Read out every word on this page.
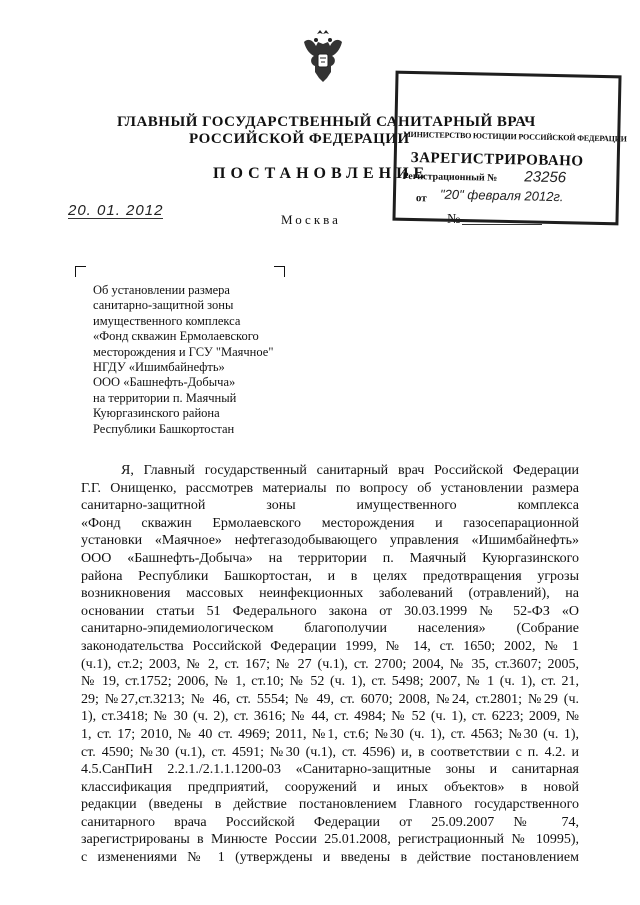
ГЛАВНЫЙ ГОСУДАРСТВЕННЫЙ САНИТАРНЫЙ ВРАЧ
РОССИЙСКОЙ ФЕДЕРАЦИИ
ПОСТАНОВЛЕНИЕ
20. 01. 2012
Москва	№
МИНИСТЕРСТВО ЮСТИЦИИ РОССИЙСКОЙ ФЕДЕРАЦИИ
ЗАРЕГИСТРИРОВАНО
Регистрационный № 23256
от "20" февраля 2012г.
Об установлении размера
санитарно-защитной зоны
имущественного комплекса
«Фонд скважин Ермолаевского
месторождения и ГСУ "Маячное"
НГДУ «Ишимбайнефть»
ООО «Башнефть-Добыча»
на территории п. Маячный
Куюргазинского района
Республики Башкортостан
Я, Главный государственный санитарный врач Российской Федерации
Г.Г. Онищенко, рассмотрев материалы по вопросу об установлении размера
санитарно-защитной зоны имущественного комплекса
«Фонд скважин Ермолаевского месторождения и газосепарационной
установки «Маячное» нефтегазодобывающего управления «Ишимбайнефть»
ООО «Башнефть-Добыча» на территории п. Маячный Куюргазинского
района Республики Башкортостан, и в целях предотвращения угрозы
возникновения массовых неинфекционных заболеваний (отравлений), на
основании статьи 51 Федерального закона от 30.03.1999 № 52-ФЗ «О
санитарно-эпидемиологическом благополучии населения» (Собрание
законодательства Российской Федерации 1999, № 14, ст. 1650; 2002, № 1
(ч.1), ст.2; 2003, № 2, ст. 167; № 27 (ч.1), ст. 2700; 2004, № 35, ст.3607; 2005,
№ 19, ст.1752; 2006, № 1, ст.10; № 52 (ч. 1), ст. 5498; 2007, № 1 (ч. 1), ст. 21,
29; №27,ст.3213; № 46, ст. 5554; № 49, ст. 6070; 2008, №24, ст.2801; №29 (ч.
1), ст.3418; № 30 (ч. 2), ст. 3616; № 44, ст. 4984; № 52 (ч. 1), ст. 6223; 2009, №
1, ст. 17; 2010, № 40 ст. 4969; 2011, №1, ст.6; №30 (ч. 1), ст. 4563; №30 (ч. 1),
ст. 4590; №30 (ч.1), ст. 4591; №30 (ч.1), ст. 4596) и, в соответствии с п. 4.2. и
4.5.СанПиН 2.2.1./2.1.1.1200-03 «Санитарно-защитные зоны и санитарная
классификация предприятий, сооружений и иных объектов» в новой
редакции (введены в действие постановлением Главного государственного
санитарного врача Российской Федерации от 25.09.2007 № 74,
зарегистрированы в Минюсте России 25.01.2008, регистрационный № 10995),
с изменениями № 1 (утверждены и введены в действие постановлением
